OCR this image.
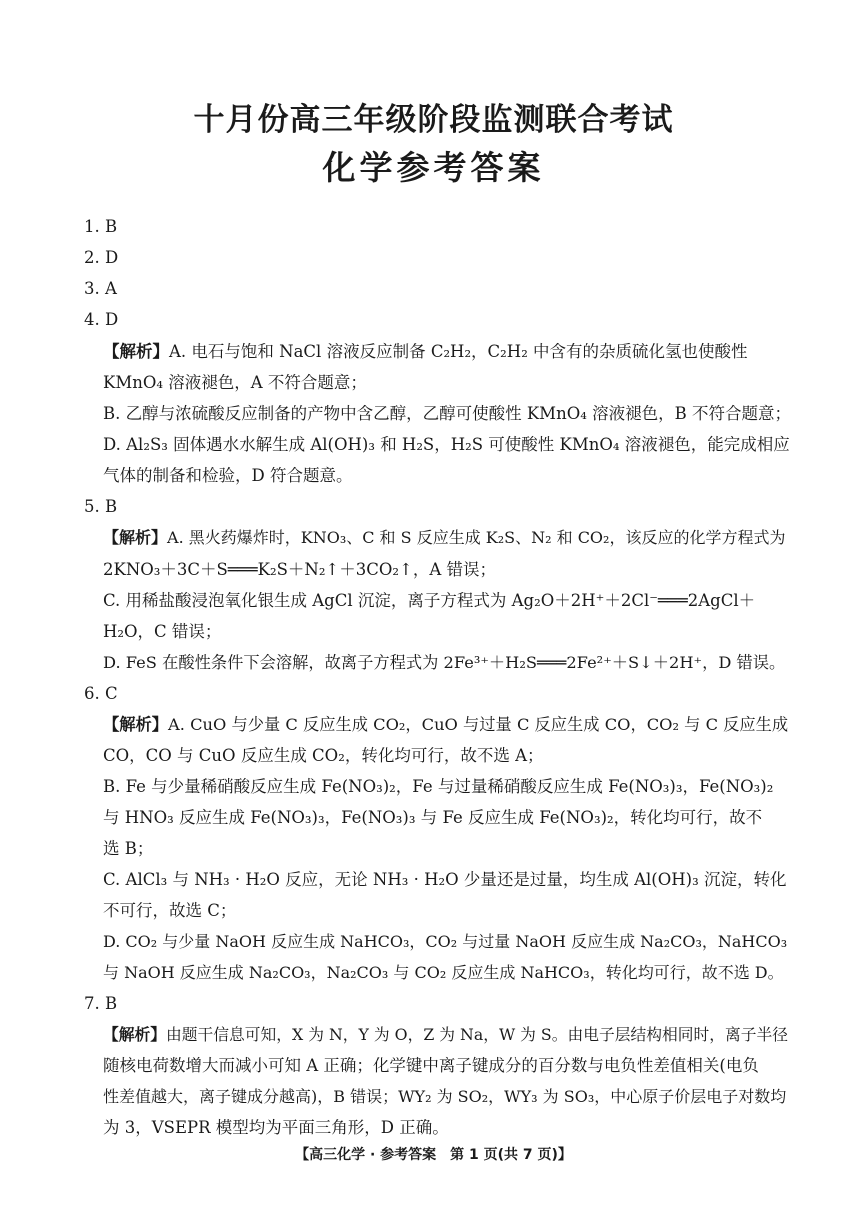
十月份高三年级阶段监测联合考试
化学参考答案
1. B
2. D
3. A
4. D
【解析】A. 电石与饱和 NaCl 溶液反应制备 C₂H₂，C₂H₂ 中含有的杂质硫化氢也使酸性
KMnO₄ 溶液褪色，A 不符合题意；
B. 乙醇与浓硫酸反应制备的产物中含乙醇，乙醇可使酸性 KMnO₄ 溶液褪色，B 不符合题意；
D. Al₂S₃ 固体遇水水解生成 Al(OH)₃ 和 H₂S，H₂S 可使酸性 KMnO₄ 溶液褪色，能完成相应
气体的制备和检验，D 符合题意。
5. B
【解析】A. 黑火药爆炸时，KNO₃、C 和 S 反应生成 K₂S、N₂ 和 CO₂，该反应的化学方程式为
2KNO₃＋3C＋S═══K₂S＋N₂↑＋3CO₂↑，A 错误；
C. 用稀盐酸浸泡氧化银生成 AgCl 沉淀，离子方程式为 Ag₂O＋2H⁺＋2Cl⁻═══2AgCl＋
H₂O，C 错误；
D. FeS 在酸性条件下会溶解，故离子方程式为 2Fe³⁺＋H₂S═══2Fe²⁺＋S↓＋2H⁺，D 错误。
6. C
【解析】A. CuO 与少量 C 反应生成 CO₂，CuO 与过量 C 反应生成 CO，CO₂ 与 C 反应生成
CO，CO 与 CuO 反应生成 CO₂，转化均可行，故不选 A；
B. Fe 与少量稀硝酸反应生成 Fe(NO₃)₂，Fe 与过量稀硝酸反应生成 Fe(NO₃)₃，Fe(NO₃)₂
与 HNO₃ 反应生成 Fe(NO₃)₃，Fe(NO₃)₃ 与 Fe 反应生成 Fe(NO₃)₂，转化均可行，故不
选 B；
C. AlCl₃ 与 NH₃ · H₂O 反应，无论 NH₃ · H₂O 少量还是过量，均生成 Al(OH)₃ 沉淀，转化
不可行，故选 C；
D. CO₂ 与少量 NaOH 反应生成 NaHCO₃，CO₂ 与过量 NaOH 反应生成 Na₂CO₃，NaHCO₃
与 NaOH 反应生成 Na₂CO₃，Na₂CO₃ 与 CO₂ 反应生成 NaHCO₃，转化均可行，故不选 D。
7. B
【解析】由题干信息可知，X 为 N，Y 为 O，Z 为 Na，W 为 S。由电子层结构相同时，离子半径
随核电荷数增大而减小可知 A 正确；化学键中离子键成分的百分数与电负性差值相关(电负
性差值越大，离子键成分越高)，B 错误；WY₂ 为 SO₂，WY₃ 为 SO₃，中心原子价层电子对数均
为 3，VSEPR 模型均为平面三角形，D 正确。
【高三化学 · 参考答案　第 1 页(共 7 页)】
